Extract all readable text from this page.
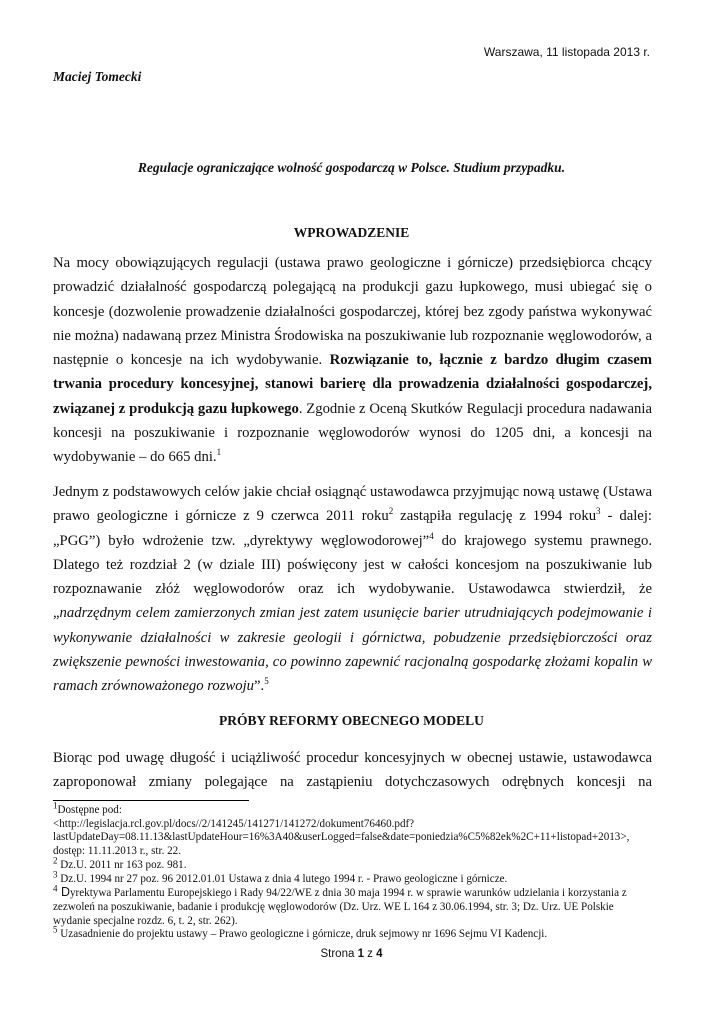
Warszawa, 11 listopada 2013 r.
Maciej Tomecki
Regulacje ograniczające wolność gospodarczą w Polsce. Studium przypadku.
WPROWADZENIE

Na mocy obowiązujących regulacji (ustawa prawo geologiczne i górnicze) przedsiębiorca chcący prowadzić działalność gospodarczą polegającą na produkcji gazu łupkowego, musi ubiegać się o koncesje (dozwolenie prowadzenie działalności gospodarczej, której bez zgody państwa wykonywać nie można) nadawaną przez Ministra Środowiska na poszukiwanie lub rozpoznanie węglowodorów, a następnie o koncesje na ich wydobywanie. Rozwiązanie to, łącznie z bardzo długim czasem trwania procedury koncesyjnej, stanowi barierę dla prowadzenia działalności gospodarczej, związanej z produkcją gazu łupkowego. Zgodnie z Oceną Skutków Regulacji procedura nadawania koncesji na poszukiwanie i rozpoznanie węglowodorów wynosi do 1205 dni, a koncesji na wydobywanie – do 665 dni.$^1$

Jednym z podstawowych celów jakie chciał osiągnąć ustawodawca przyjmując nową ustawę (Ustawa prawo geologiczne i górnicze z 9 czerwca 2011 roku$^2$ zastąpiła regulację z 1994 roku$^3$ - dalej: „PGG”) było wdrożenie tzw. „dyrektywy węglowodorowej”$^4$ do krajowego systemu prawnego. Dlatego też rozdział 2 (w dziale III) poświęcony jest w całości koncesjom na poszukiwanie lub rozpoznawanie złóż węglowodorów oraz ich wydobywanie. Ustawodawca stwierdził, że „nadrzędnym celem zamierzonych zmian jest zatem usunięcie barier utrudniających podejmowanie i wykonywanie działalności w zakresie geologii i górnictwa, pobudzenie przedsiębiorczości oraz zwiększenie pewności inwestowania, co powinno zapewnić racjonalną gospodarkę złożami kopalin w ramach zrównoważonego rozwoju”.$^5$

PRÓBY REFORMY OBECNEGO MODELU

Biorąc pod uwagę długość i uciążliwość procedur koncesyjnych w obecnej ustawie, ustawodawca zaproponował zmiany polegające na zastąpieniu dotychczasowych odrębnych koncesji na

$^1$Dostępne pod:

<http://legislacja.rcl.gov.pl/docs//2/141245/141271/141272/dokument76460.pdf?lastUpdateDay=08.11.13&lastUpdateHour=16%3A40&userLogged=false&date=poniedzia%C5%82ek%2C+11+listopad+2013>, dostęp: 11.11.2013 r., str. 22.

$^2$ Dz.U. 2011 nr 163 poz. 981.

$^3$ Dz.U. 1994 nr 27 poz. 96 2012.01.01 Ustawa z dnia 4 lutego 1994 r. - Prawo geologiczne i górnicze.

$^4$ Dyrektywa Parlamentu Europejskiego i Rady 94/22/WE z dnia 30 maja 1994 r. w sprawie warunków udzielania i korzystania z zezwoleń na poszukiwanie, badanie i produkcję węglowodorów (Dz. Urz. WE L 164 z 30.06.1994, str. 3; Dz. Urz. UE Polskie wydanie specjalne rozdz. 6, t. 2, str. 262).

$^5$ Uzasadnienie do projektu ustawy – Prawo geologiczne i górnicze, druk sejmowy nr 1696 Sejmu VI Kadencji.

Strona 1 z 4
